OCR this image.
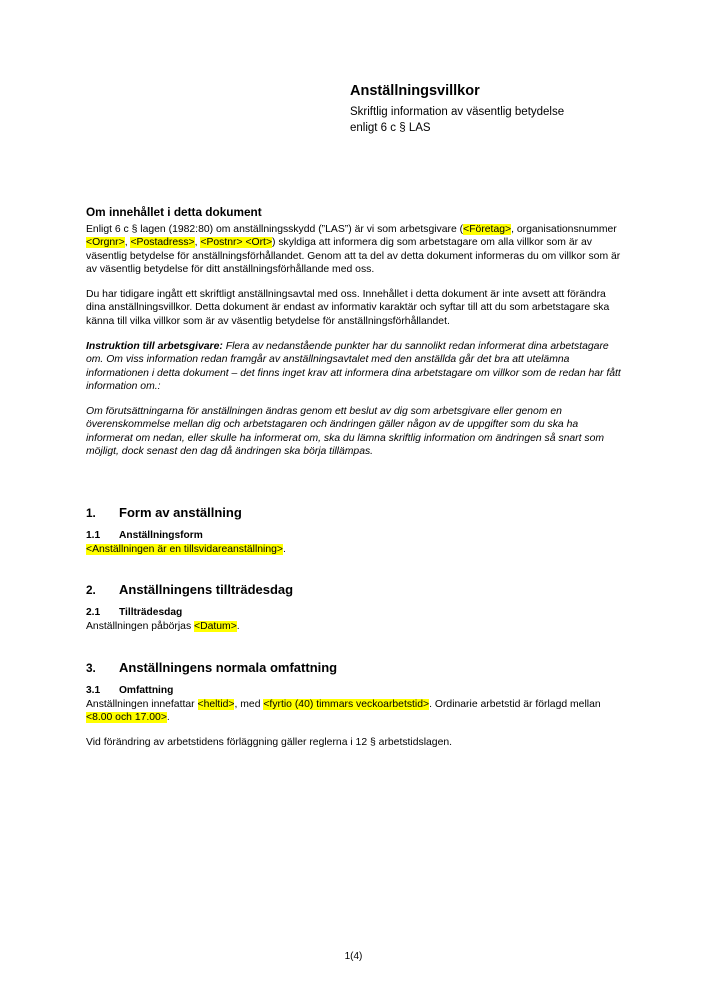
Anställningsvillkor
Skriftlig information av väsentlig betydelse enligt 6 c § LAS
Om innehållet i detta dokument

Enligt 6 c § lagen (1982:80) om anställningsskydd (”LAS”) är vi som arbetsgivare (<Företag>, organisationsnummer <Orgnr>, <Postadress>, <Postnr> <Ort>) skyldiga att informera dig som arbetstagare om alla villkor som är av väsentlig betydelse för anställningsförhållandet. Genom att ta del av detta dokument informeras du om villkor som är av väsentlig betydelse för ditt anställningsförhållande med oss.

Du har tidigare ingått ett skriftligt anställningsavtal med oss. Innehållet i detta dokument är inte avsett att förändra dina anställningsvillkor. Detta dokument är endast av informativ karaktär och syftar till att du som arbetstagare ska känna till vilka villkor som är av väsentlig betydelse för anställningsförhållandet.

Instruktion till arbetsgivare: Flera av nedanstående punkter har du sannolikt redan informerat dina arbetstagare om. Om viss information redan framgår av anställningsavtalet med den anställda går det bra att utelämna informationen i detta dokument – det finns inget krav att informera dina arbetstagare om villkor som de redan har fått information om.:

Om förutsättningarna för anställningen ändras genom ett beslut av dig som arbetsgivare eller genom en överenskommelse mellan dig och arbetstagaren och ändringen gäller någon av de uppgifter som du ska ha informerat om nedan, eller skulle ha informerat om, ska du lämna skriftlig information om ändringen så snart som möjligt, dock senast den dag då ändringen ska börja tillämpas.

1.	Form av anställning
1.1	Anställningsform

<Anställningen är en tillsvidareanställning>.

2.	Anställningens tillträdesdag
2.1	Tillträdesdag

Anställningen påbörjas <Datum>.

3.	Anställningens normala omfattning
3.1	Omfattning

Anställningen innefattar <heltid>, med <fyrtio (40) timmars veckoarbetstid>. Ordinarie arbetstid är förlagd mellan <8.00 och 17.00>.

Vid förändring av arbetstidens förläggning gäller reglerna i 12 § arbetstidslagen.

1(4)
